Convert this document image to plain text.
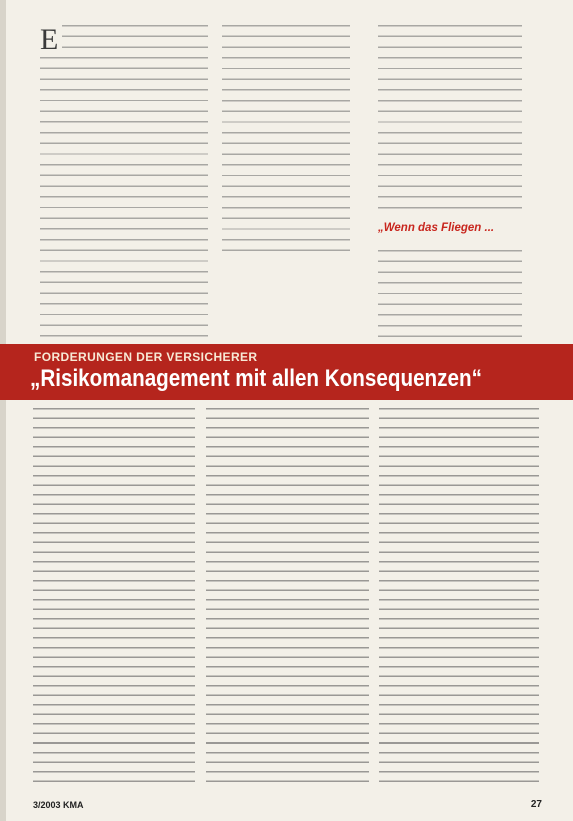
E
„Wenn das Fliegen ...
FORDERUNGEN DER VERSICHERER
„Risikomanagement mit allen Konsequenzen“
3/2003 KMA	27
